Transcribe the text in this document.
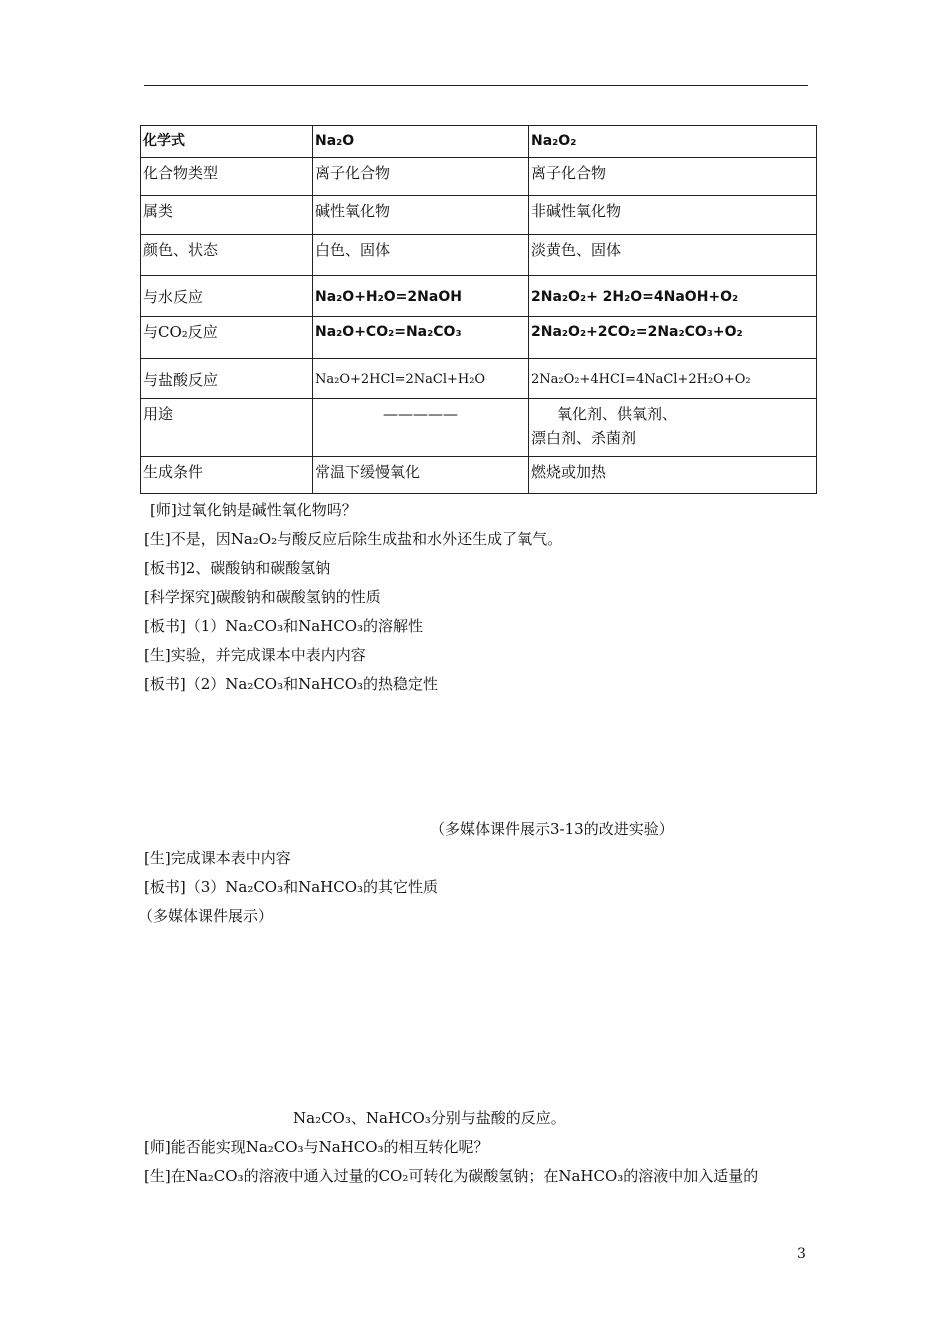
化学式	Na₂O	Na₂O₂
化合物类型	离子化合物	离子化合物
属类	碱性氧化物	非碱性氧化物
颜色、状态	白色、固体	淡黄色、固体
与水反应	Na₂O+H₂O=2NaOH	2Na₂O₂+ 2H₂O=4NaOH+O₂
与CO₂反应	Na₂O+CO₂=Na₂CO₃	2Na₂O₂+2CO₂=2Na₂CO₃+O₂
与盐酸反应	Na₂O+2HCl=2NaCl+H₂O	2Na₂O₂+4HCI=4NaCl+2H₂O+O₂
用途	—————	氧化剂、供氧剂、
漂白剂、杀菌剂
生成条件	常温下缓慢氧化	燃烧或加热
[师]过氧化钠是碱性氧化物吗？
[生]不是，因Na₂O₂与酸反应后除生成盐和水外还生成了氧气。
[板书]2、碳酸钠和碳酸氢钠
[科学探究]碳酸钠和碳酸氢钠的性质
[板书]（1）Na₂CO₃和NaHCO₃的溶解性
[生]实验，并完成课本中表内内容
[板书]（2）Na₂CO₃和NaHCO₃的热稳定性
（多媒体课件展示3-13的改进实验）
[生]完成课本表中内容
[板书]（3）Na₂CO₃和NaHCO₃的其它性质
（多媒体课件展示）
Na₂CO₃、NaHCO₃分别与盐酸的反应。
[师]能否能实现Na₂CO₃与NaHCO₃的相互转化呢？
[生]在Na₂CO₃的溶液中通入过量的CO₂可转化为碳酸氢钠；在NaHCO₃的溶液中加入适量的
3
